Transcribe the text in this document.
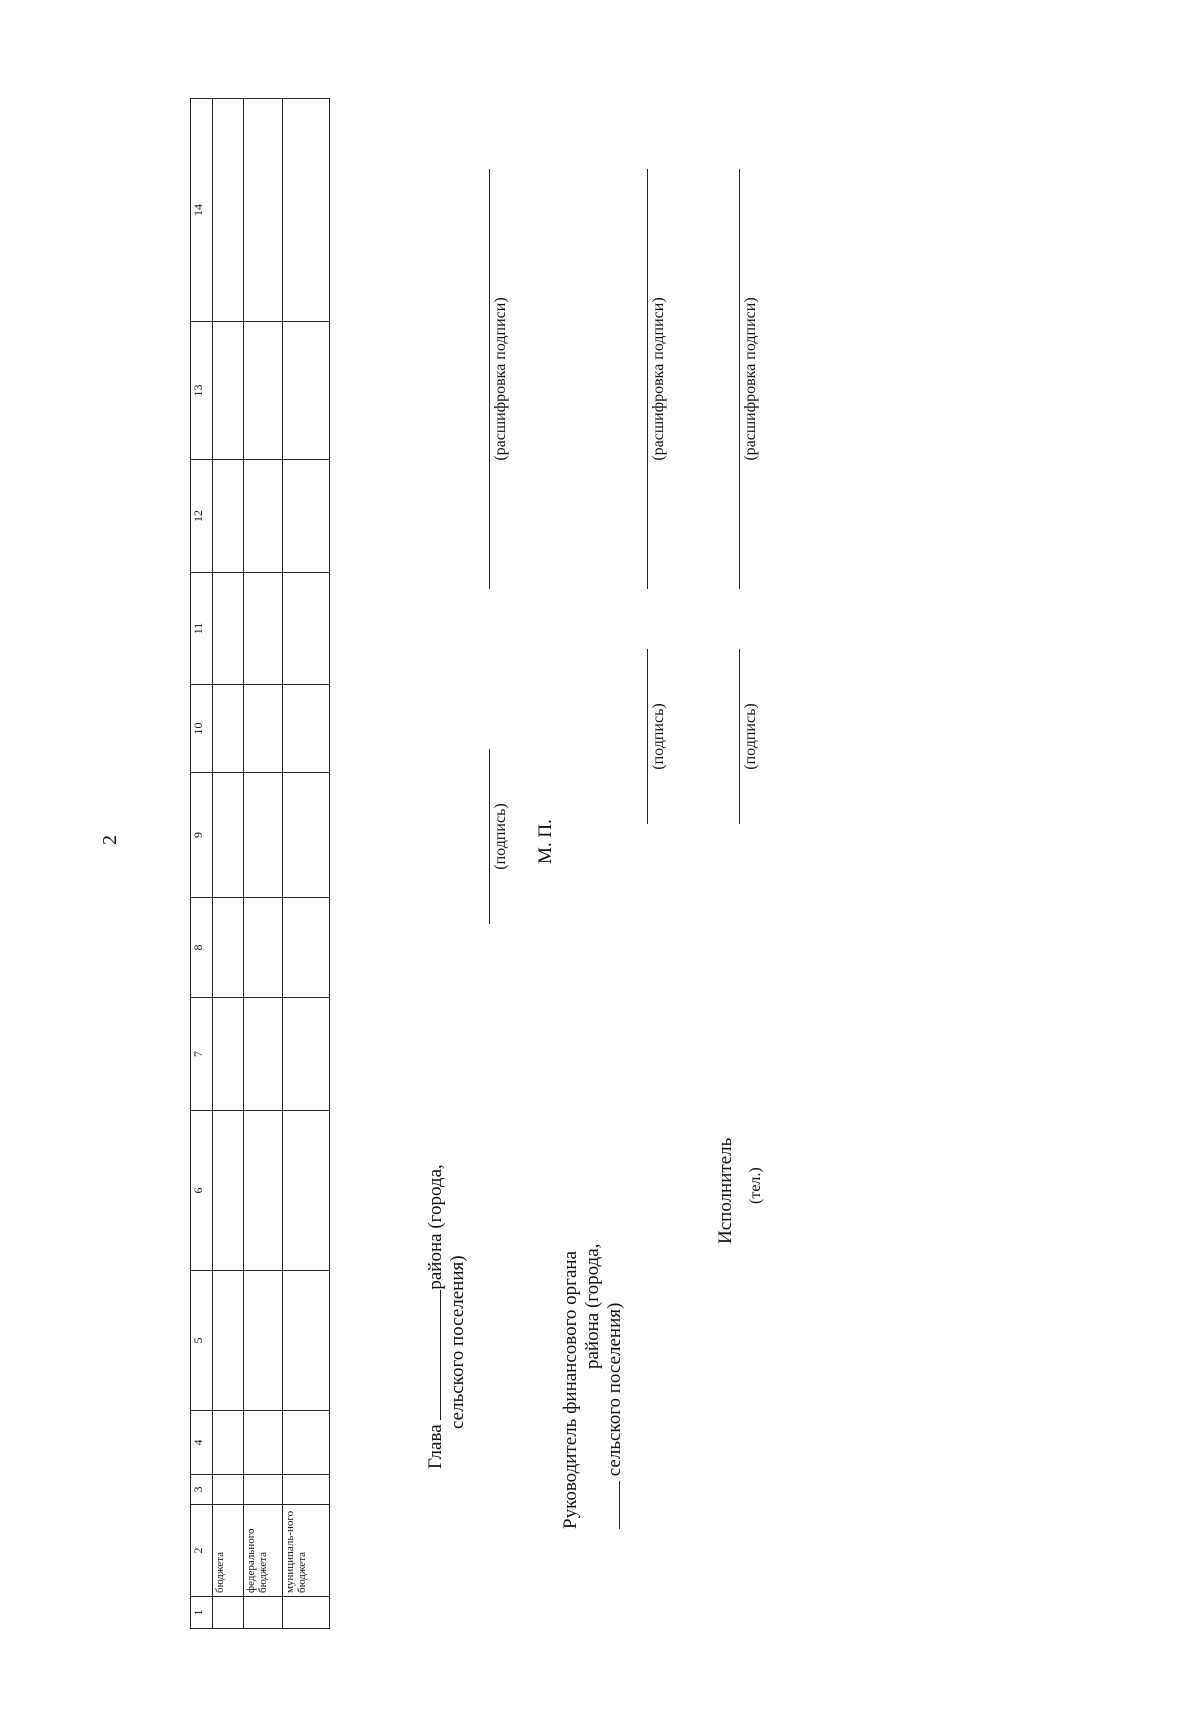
2
1	2	3	4	5	6	7	8	9	10	11	12	13	14
	бюджета												
	федерального бюджета												
	муниципаль-ного бюджета												
Глава района (города,
сельского поселения)
(подпись)
(расшифровка подписи)
М. П.
Руководитель финансового органа района (города, сельского поселения)
(подпись)
(расшифровка подписи)
Исполнитель (тел.)
(подпись)
(расшифровка подписи)
